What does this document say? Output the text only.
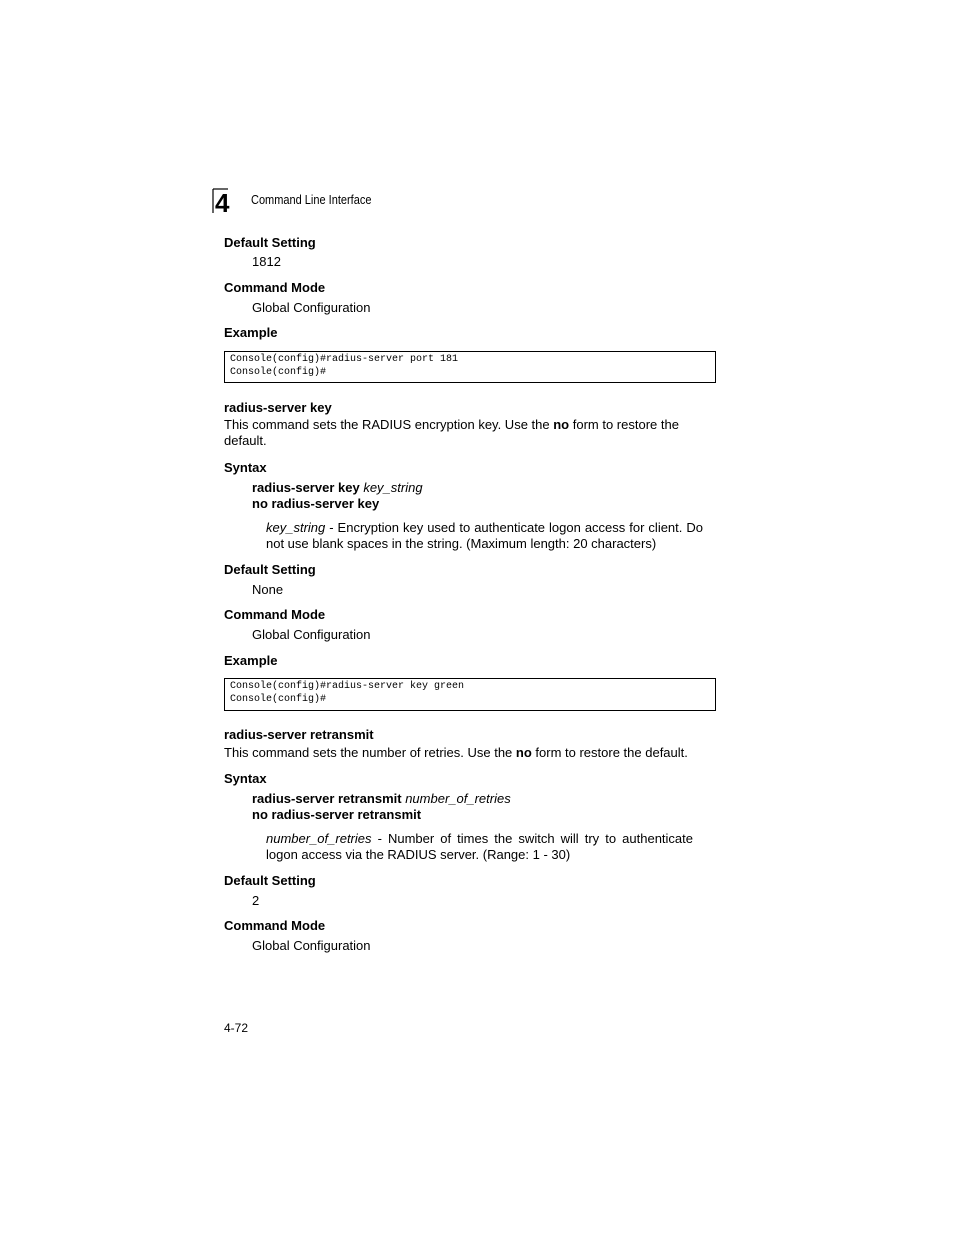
4 Command Line Interface
Default Setting
1812
Command Mode
Global Configuration
Example
Console(config)#radius-server port 181
Console(config)#
radius-server key
This command sets the RADIUS encryption key. Use the no form to restore the default.
Syntax
radius-server key key_string
no radius-server key
key_string - Encryption key used to authenticate logon access for client. Do not use blank spaces in the string. (Maximum length: 20 characters)
Default Setting
None
Command Mode
Global Configuration
Example
Console(config)#radius-server key green
Console(config)#
radius-server retransmit
This command sets the number of retries. Use the no form to restore the default.
Syntax
radius-server retransmit number_of_retries
no radius-server retransmit
number_of_retries - Number of times the switch will try to authenticate logon access via the RADIUS server. (Range: 1 - 30)
Default Setting
2
Command Mode
Global Configuration
4-72
